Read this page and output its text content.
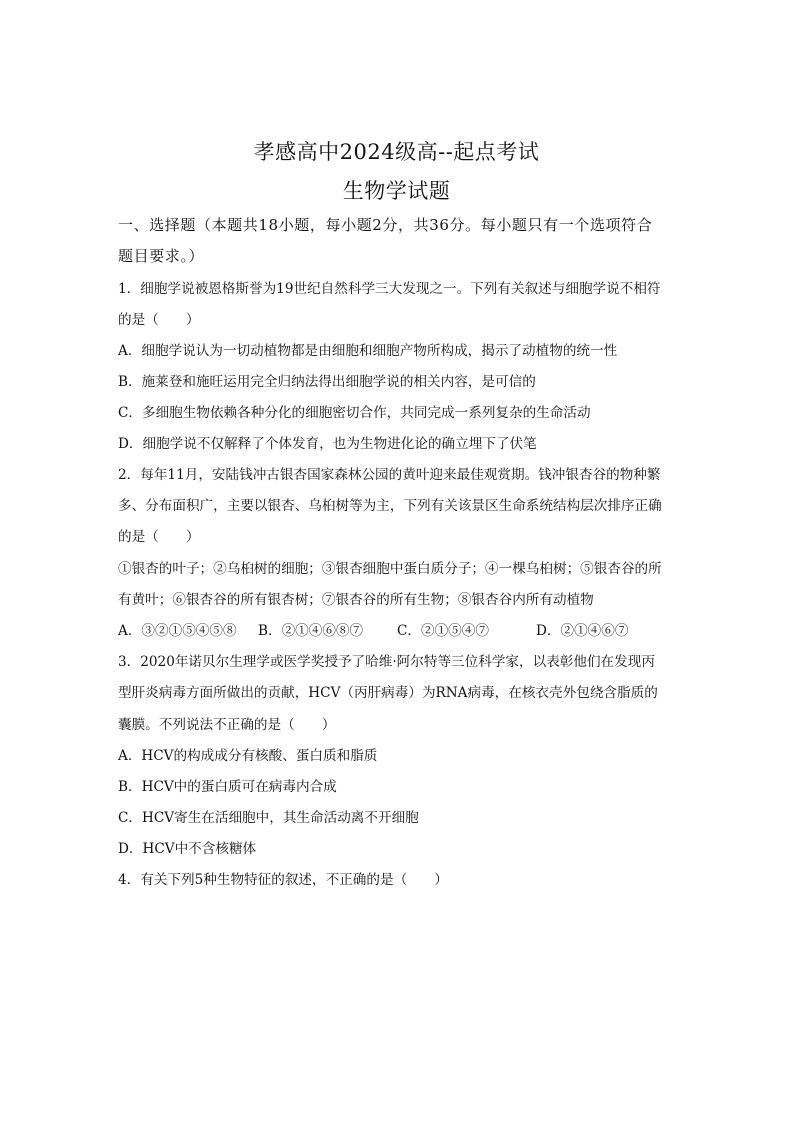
孝感高中2024级高--起点考试
生物学试题
一、选择题（本题共18小题，每小题2分，共36分。每小题只有一个选项符合
题目要求。）
1．细胞学说被恩格斯誉为19世纪自然科学三大发现之一。下列有关叙述与细胞学说不相符
的是（　　）
A．细胞学说认为一切动植物都是由细胞和细胞产物所构成，揭示了动植物的统一性
B．施莱登和施旺运用完全归纳法得出细胞学说的相关内容，是可信的
C．多细胞生物依赖各种分化的细胞密切合作，共同完成一系列复杂的生命活动
D．细胞学说不仅解释了个体发育，也为生物进化论的确立埋下了伏笔
2．每年11月，安陆钱冲古银杏国家森林公园的黄叶迎来最佳观赏期。钱冲银杏谷的物种繁
多、分布面积广，主要以银杏、乌桕树等为主，下列有关该景区生命系统结构层次排序正确
的是（　　）
①银杏的叶子；②乌桕树的细胞；③银杏细胞中蛋白质分子；④一棵乌桕树；⑤银杏谷的所
有黄叶；⑥银杏谷的所有银杏树；⑦银杏谷的所有生物；⑧银杏谷内所有动植物
A．③②①⑤④⑤⑧ B．②①④⑥⑧⑦ C．②①⑤④⑦	D．②①④⑥⑦
3．2020年诺贝尔生理学或医学奖授予了哈维·阿尔特等三位科学家，以表彰他们在发现丙
型肝炎病毒方面所做出的贡献，HCV（丙肝病毒）为RNA病毒，在核衣壳外包绕含脂质的
囊膜。不列说法不正确的是（　　）
A．HCV的构成成分有核酸、蛋白质和脂质
B．HCV中的蛋白质可在病毒内合成
C．HCV寄生在活细胞中，其生命活动离不开细胞
D．HCV中不含核糖体
4．有关下列5种生物特征的叙述，不正确的是（　　）
